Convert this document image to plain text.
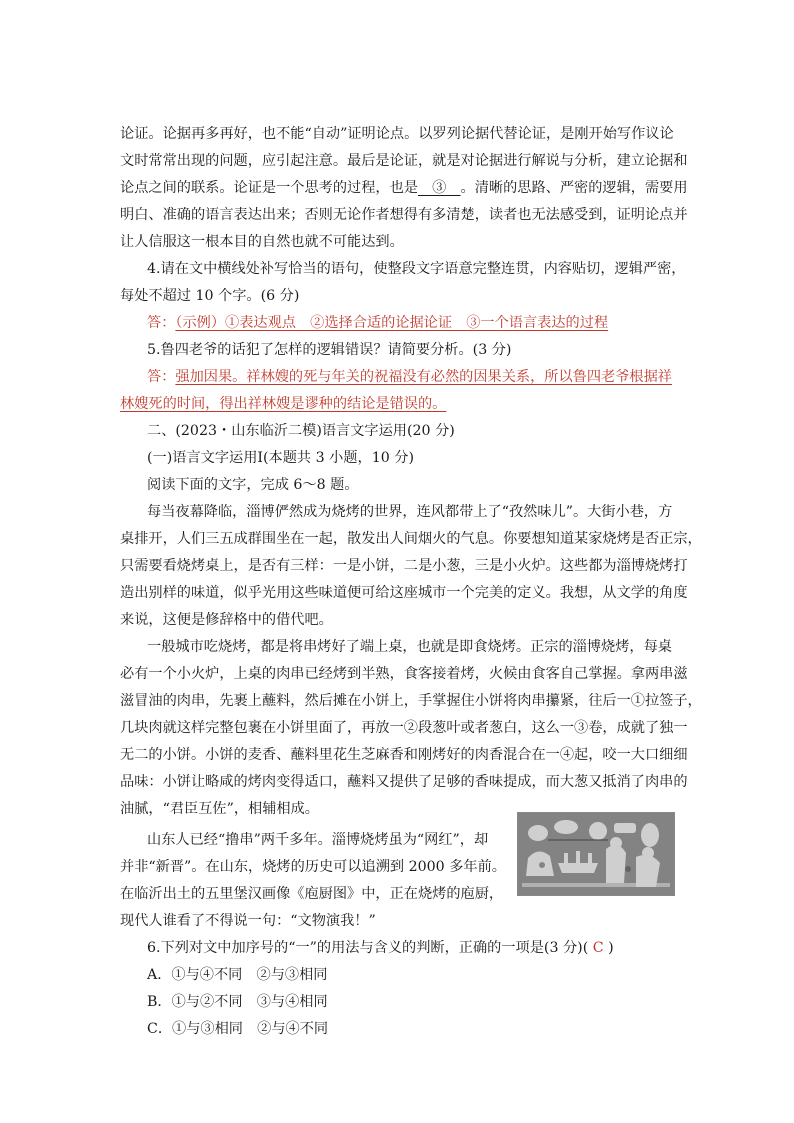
论证。论据再多再好，也不能“自动”证明论点。以罗列论据代替论证，是刚开始写作议论
文时常常出现的问题，应引起注意。最后是论证，就是对论据进行解说与分析，建立论据和
论点之间的联系。论证是一个思考的过程，也是　③　。清晰的思路、严密的逻辑，需要用
明白、准确的语言表达出来；否则无论作者想得有多清楚，读者也无法感受到，证明论点并
让人信服这一根本目的自然也就不可能达到。
4.请在文中横线处补写恰当的语句，使整段文字语意完整连贯，内容贴切，逻辑严密，
每处不超过 10 个字。(6 分)
答：（示例）①表达观点　②选择合适的论据论证　③一个语言表达的过程
5.鲁四老爷的话犯了怎样的逻辑错误？请简要分析。(3 分)
答：强加因果。祥林嫂的死与年关的祝福没有必然的因果关系，所以鲁四老爷根据祥
林嫂死的时间，得出祥林嫂是谬种的结论是错误的。
二、(2023・山东临沂二模)语言文字运用(20 分)
(一)语言文字运用Ⅰ(本题共 3 小题，10 分)
阅读下面的文字，完成 6～8 题。
每当夜幕降临，淄博俨然成为烧烤的世界，连风都带上了“孜然味儿”。大街小巷，方
桌排开，人们三五成群围坐在一起，散发出人间烟火的气息。你要想知道某家烧烤是否正宗，
只需要看烧烤桌上，是否有三样：一是小饼，二是小葱，三是小火炉。这些都为淄博烧烤打
造出别样的味道，似乎光用这些味道便可给这座城市一个完美的定义。我想，从文学的角度
来说，这便是修辞格中的借代吧。
一般城市吃烧烤，都是将串烤好了端上桌，也就是即食烧烤。正宗的淄博烧烤，每桌
必有一个小火炉，上桌的肉串已经烤到半熟，食客接着烤，火候由食客自己掌握。拿两串滋
滋冒油的肉串，先裹上蘸料，然后摊在小饼上，手掌握住小饼将肉串攥紧，往后一①拉签子，
几块肉就这样完整包裹在小饼里面了，再放一②段葱叶或者葱白，这么一③卷，成就了独一
无二的小饼。小饼的麦香、蘸料里花生芝麻香和刚烤好的肉香混合在一④起，咬一大口细细
品味：小饼让略咸的烤肉变得适口，蘸料又提供了足够的香味提成，而大葱又抵消了肉串的
油腻，“君臣互佐”，相辅相成。
山东人已经“撸串”两千多年。淄博烧烤虽为“网红”，却
并非“新晋”。在山东，烧烤的历史可以追溯到 2000 多年前。
在临沂出土的五里堡汉画像《庖厨图》中，正在烧烤的庖厨，
现代人谁看了不得说一句：“文物演我！”
6.下列对文中加序号的“一”的用法与含义的判断，正确的一项是(3 分)( C )
A．①与④不同　②与③相同
B．①与②不同　③与④相同
C．①与③相同　②与④不同
